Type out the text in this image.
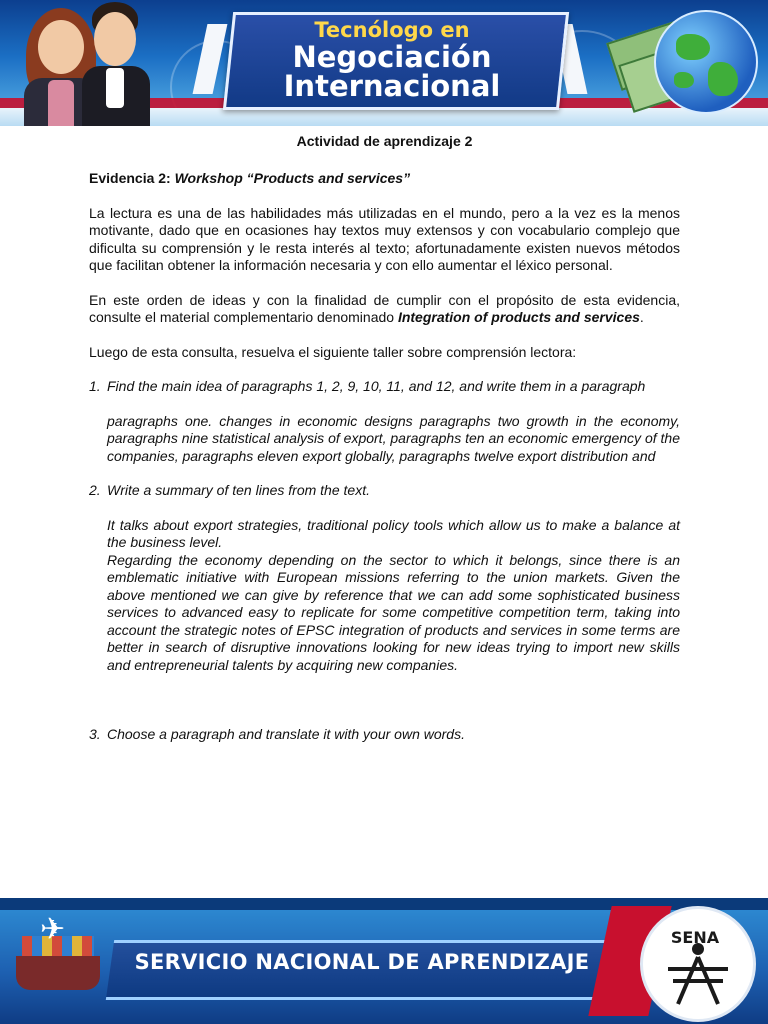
Tecnólogo en
Negociación
Internacional

Actividad de aprendizaje 2

Evidencia 2: Workshop “Products and services”

La lectura es una de las habilidades más utilizadas en el mundo, pero a la vez es la menos motivante, dado que en ocasiones hay textos muy extensos y con vocabulario complejo que dificulta su comprensión y le resta interés al texto; afortunadamente existen nuevos métodos que facilitan obtener la información necesaria y con ello aumentar el léxico personal.

En este orden de ideas y con la finalidad de cumplir con el propósito de esta evidencia, consulte el material complementario denominado Integration of products and services.

Luego de esta consulta, resuelva el siguiente taller sobre comprensión lectora:

1. Find the main idea of paragraphs 1, 2, 9, 10, 11, and 12, and write them in a paragraph

paragraphs one. changes in economic designs paragraphs two growth in the economy, paragraphs nine statistical analysis of export, paragraphs ten an economic emergency of the companies, paragraphs eleven export globally, paragraphs twelve export distribution and

2. Write a summary of ten lines from the text.

It talks about export strategies, traditional policy tools which allow us to make a balance at the business level.

Regarding the economy depending on the sector to which it belongs, since there is an emblematic initiative with European missions referring to the union markets. Given the above mentioned we can give by reference that we can add some sophisticated business services to advanced easy to replicate for some competitive competition term, taking into account the strategic notes of EPSC integration of products and services in some terms are better in search of disruptive innovations looking for new ideas trying to import new skills and entrepreneurial talents by acquiring new companies.

3. Choose a paragraph and translate it with your own words.

✈
SERVICIO NACIONAL DE APRENDIZAJE
SENA
